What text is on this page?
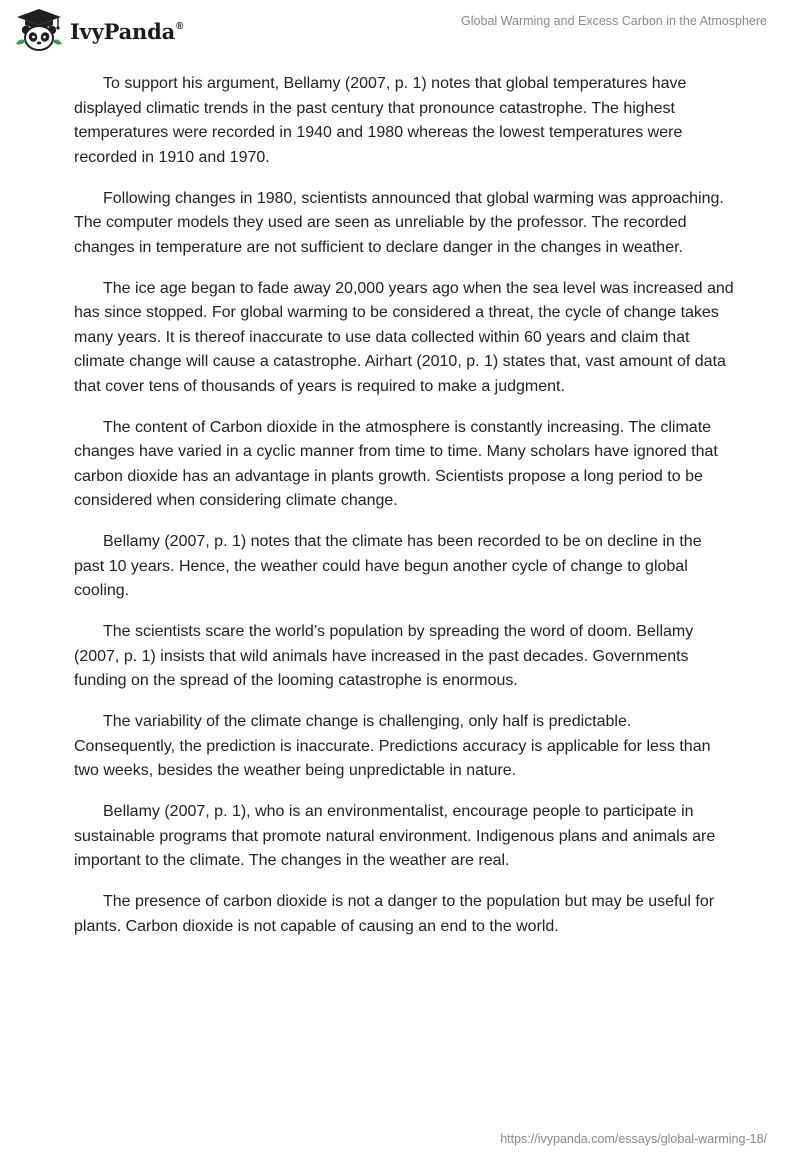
IvyPanda®	Global Warming and Excess Carbon in the Atmosphere

To support his argument, Bellamy (2007, p. 1) notes that global temperatures have displayed climatic trends in the past century that pronounce catastrophe. The highest temperatures were recorded in 1940 and 1980 whereas the lowest temperatures were recorded in 1910 and 1970.

Following changes in 1980, scientists announced that global warming was approaching. The computer models they used are seen as unreliable by the professor. The recorded changes in temperature are not sufficient to declare danger in the changes in weather.

The ice age began to fade away 20,000 years ago when the sea level was increased and has since stopped. For global warming to be considered a threat, the cycle of change takes many years. It is thereof inaccurate to use data collected within 60 years and claim that climate change will cause a catastrophe. Airhart (2010, p. 1) states that, vast amount of data that cover tens of thousands of years is required to make a judgment.

The content of Carbon dioxide in the atmosphere is constantly increasing. The climate changes have varied in a cyclic manner from time to time. Many scholars have ignored that carbon dioxide has an advantage in plants growth. Scientists propose a long period to be considered when considering climate change.

Bellamy (2007, p. 1) notes that the climate has been recorded to be on decline in the past 10 years. Hence, the weather could have begun another cycle of change to global cooling.

The scientists scare the world’s population by spreading the word of doom. Bellamy (2007, p. 1) insists that wild animals have increased in the past decades. Governments funding on the spread of the looming catastrophe is enormous.

The variability of the climate change is challenging, only half is predictable. Consequently, the prediction is inaccurate. Predictions accuracy is applicable for less than two weeks, besides the weather being unpredictable in nature.

Bellamy (2007, p. 1), who is an environmentalist, encourage people to participate in sustainable programs that promote natural environment. Indigenous plans and animals are important to the climate. The changes in the weather are real.

The presence of carbon dioxide is not a danger to the population but may be useful for plants. Carbon dioxide is not capable of causing an end to the world.

https://ivypanda.com/essays/global-warming-18/
